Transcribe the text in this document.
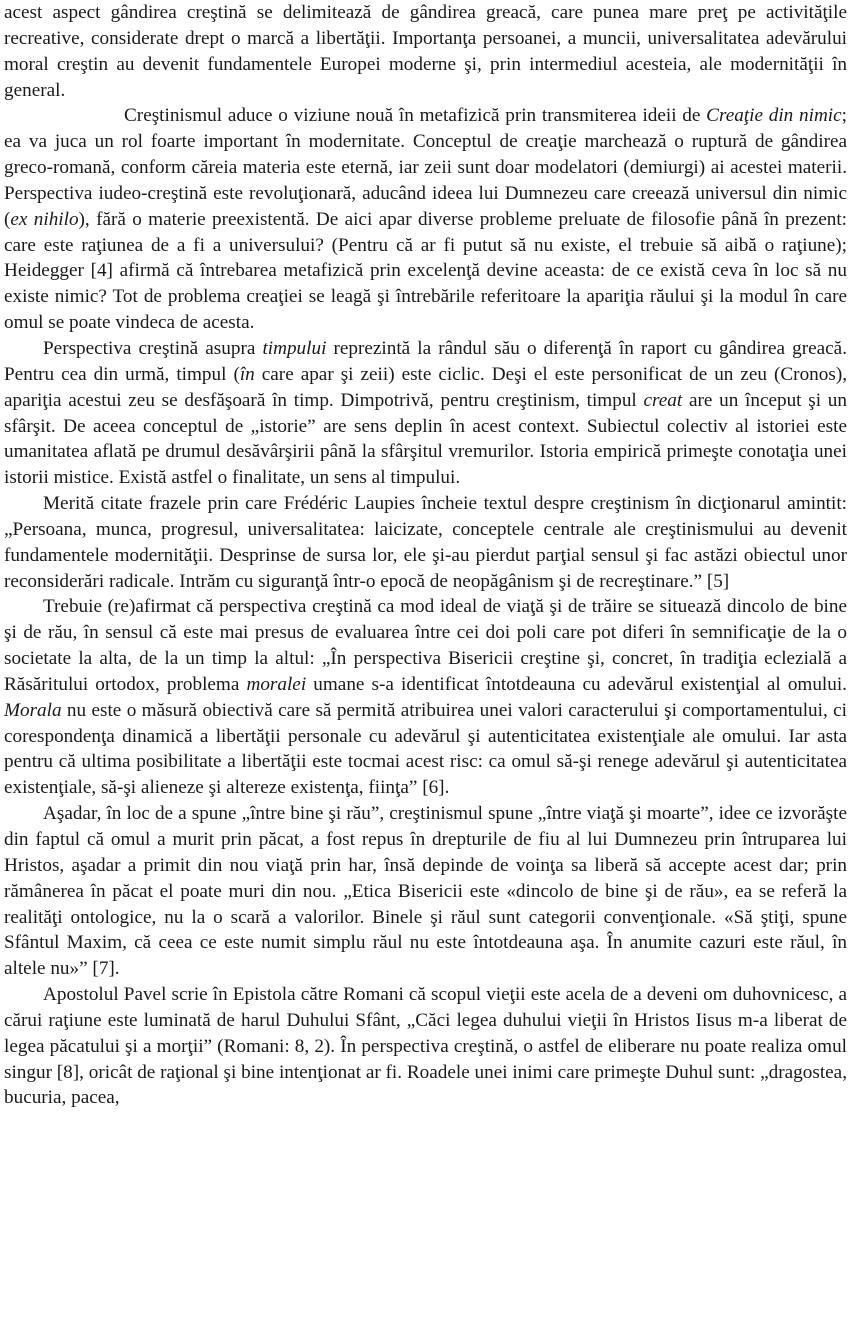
acest aspect gândirea creştină se delimitează de gândirea greacă, care punea mare preţ pe activităţile recreative, considerate drept o marcă a libertăţii. Importanţa persoanei, a muncii, universalitatea adevărului moral creştin au devenit fundamentele Europei moderne şi, prin intermediul acesteia, ale modernităţii în general.

Creştinismul aduce o viziune nouă în metafizică prin transmiterea ideii de Creaţie din nimic; ea va juca un rol foarte important în modernitate. Conceptul de creaţie marchează o ruptură de gândirea greco-romană, conform căreia materia este eternă, iar zeii sunt doar modelatori (demiurgi) ai acestei materii. Perspectiva iudeo-creştină este revoluţionară, aducând ideea lui Dumnezeu care creează universul din nimic (ex nihilo), fără o materie preexistentă. De aici apar diverse probleme preluate de filosofie până în prezent: care este raţiunea de a fi a universului? (Pentru că ar fi putut să nu existe, el trebuie să aibă o raţiune); Heidegger [4] afirmă că întrebarea metafizică prin excelenţă devine aceasta: de ce există ceva în loc să nu existe nimic? Tot de problema creaţiei se leagă şi întrebările referitoare la apariţia răului şi la modul în care omul se poate vindeca de acesta.

Perspectiva creştină asupra timpului reprezintă la rândul său o diferenţă în raport cu gândirea greacă. Pentru cea din urmă, timpul (în care apar şi zeii) este ciclic. Deşi el este personificat de un zeu (Cronos), apariţia acestui zeu se desfăşoară în timp. Dimpotrivă, pentru creştinism, timpul creat are un început şi un sfârşit. De aceea conceptul de „istorie” are sens deplin în acest context. Subiectul colectiv al istoriei este umanitatea aflată pe drumul desăvârşirii până la sfârşitul vremurilor. Istoria empirică primeşte conotaţia unei istorii mistice. Există astfel o finalitate, un sens al timpului.

Merită citate frazele prin care Frédéric Laupies încheie textul despre creştinism în dicţionarul amintit: „Persoana, munca, progresul, universalitatea: laicizate, conceptele centrale ale creştinismului au devenit fundamentele modernităţii. Desprinse de sursa lor, ele şi-au pierdut parţial sensul şi fac astăzi obiectul unor reconsiderări radicale. Intrăm cu siguranţă într-o epocă de neopăgânism şi de recreştinare.” [5]

Trebuie (re)afirmat că perspectiva creştină ca mod ideal de viaţă şi de trăire se situează dincolo de bine şi de rău, în sensul că este mai presus de evaluarea între cei doi poli care pot diferi în semnificaţie de la o societate la alta, de la un timp la altul: „În perspectiva Bisericii creştine şi, concret, în tradiţia eclezială a Răsăritului ortodox, problema moralei umane s-a identificat întotdeauna cu adevărul existenţial al omului. Morala nu este o măsură obiectivă care să permită atribuirea unei valori caracterului şi comportamentului, ci corespondenţa dinamică a libertăţii personale cu adevărul şi autenticitatea existenţiale ale omului. Iar asta pentru că ultima posibilitate a libertăţii este tocmai acest risc: ca omul să-şi renege adevărul şi autenticitatea existenţiale, să-şi alieneze şi altereze existenţa, fiinţa” [6].

Aşadar, în loc de a spune „între bine şi rău”, creştinismul spune „între viaţă şi moarte”, idee ce izvorăşte din faptul că omul a murit prin păcat, a fost repus în drepturile de fiu al lui Dumnezeu prin întruparea lui Hristos, aşadar a primit din nou viaţă prin har, însă depinde de voinţa sa liberă să accepte acest dar; prin rămânerea în păcat el poate muri din nou. „Etica Bisericii este «dincolo de bine şi de rău», ea se referă la realităţi ontologice, nu la o scară a valorilor. Binele şi răul sunt categorii convenţionale. «Să ştiţi, spune Sfântul Maxim, că ceea ce este numit simplu răul nu este întotdeauna aşa. În anumite cazuri este răul, în altele nu»” [7].

Apostolul Pavel scrie în Epistola către Romani că scopul vieţii este acela de a deveni om duhovnicesc, a cărui raţiune este luminată de harul Duhului Sfânt, „Căci legea duhului vieţii în Hristos Iisus m-a liberat de legea păcatului şi a morţii” (Romani: 8, 2). În perspectiva creştină, o astfel de eliberare nu poate realiza omul singur [8], oricât de raţional şi bine intenţionat ar fi. Roadele unei inimi care primeşte Duhul sunt: „dragostea, bucuria, pacea,
